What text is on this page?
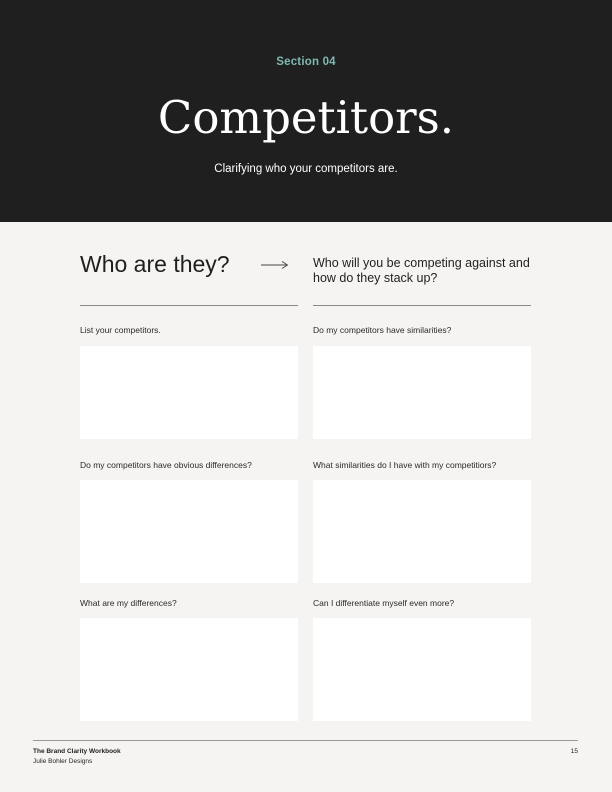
Section 04
Competitors.
Clarifying who your competitors are.
Who are they?	Who will you be competing against and how do they stack up?
List your competitors.	Do my competitors have similarities?
Do my competitors have obvious differences?	What similarities do I have with my competitiors?
What are my differences?	Can I differentiate myself even more?
The Brand Clarity Workbook
Julie Bohler Designs
15
